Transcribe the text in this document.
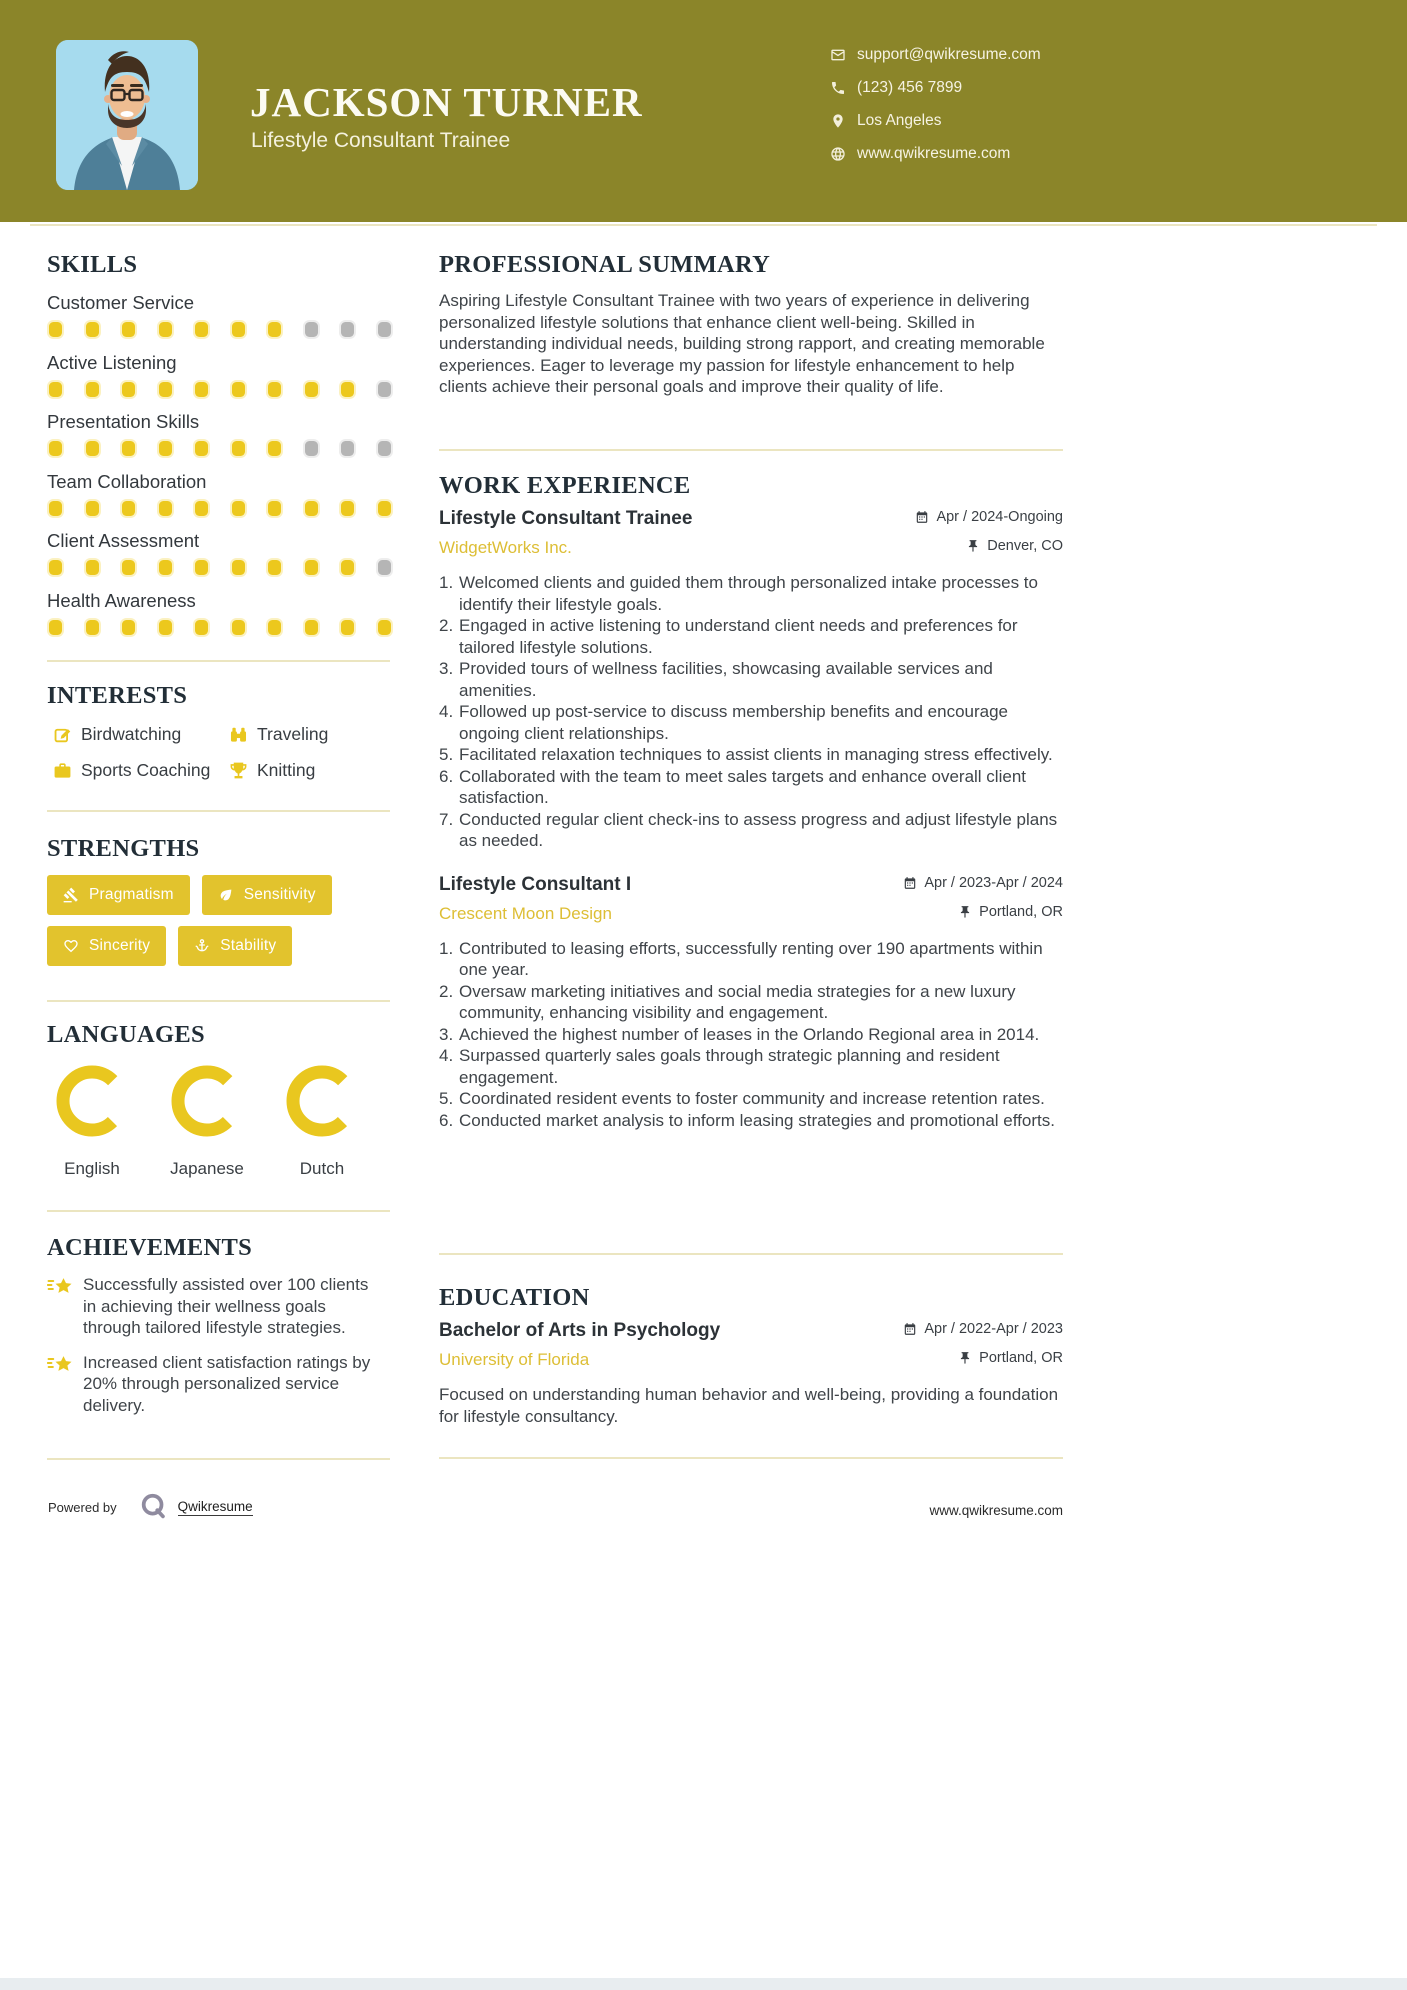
JACKSON TURNER
Lifestyle Consultant Trainee
support@qwikresume.com
(123) 456 7899
Los Angeles
www.qwikresume.com
SKILLS
Customer Service
Active Listening
Presentation Skills
Team Collaboration
Client Assessment
Health Awareness
INTERESTS
Birdwatching	Traveling
Sports Coaching	Knitting
STRENGTHS
Pragmatism	Sensitivity
Sincerity	Stability
LANGUAGES
English	Japanese	Dutch
ACHIEVEMENTS
Successfully assisted over 100 clients in achieving their wellness goals through tailored lifestyle strategies.
Increased client satisfaction ratings by 20% through personalized service delivery.
PROFESSIONAL SUMMARY
Aspiring Lifestyle Consultant Trainee with two years of experience in delivering personalized lifestyle solutions that enhance client well-being. Skilled in understanding individual needs, building strong rapport, and creating memorable experiences. Eager to leverage my passion for lifestyle enhancement to help clients achieve their personal goals and improve their quality of life.
WORK EXPERIENCE
Lifestyle Consultant Trainee	Apr / 2024-Ongoing
WidgetWorks Inc.	Denver, CO
1. Welcomed clients and guided them through personalized intake processes to identify their lifestyle goals.
2. Engaged in active listening to understand client needs and preferences for tailored lifestyle solutions.
3. Provided tours of wellness facilities, showcasing available services and amenities.
4. Followed up post-service to discuss membership benefits and encourage ongoing client relationships.
5. Facilitated relaxation techniques to assist clients in managing stress effectively.
6. Collaborated with the team to meet sales targets and enhance overall client satisfaction.
7. Conducted regular client check-ins to assess progress and adjust lifestyle plans as needed.
Lifestyle Consultant I	Apr / 2023-Apr / 2024
Crescent Moon Design	Portland, OR
1. Contributed to leasing efforts, successfully renting over 190 apartments within one year.
2. Oversaw marketing initiatives and social media strategies for a new luxury community, enhancing visibility and engagement.
3. Achieved the highest number of leases in the Orlando Regional area in 2014.
4. Surpassed quarterly sales goals through strategic planning and resident engagement.
5. Coordinated resident events to foster community and increase retention rates.
6. Conducted market analysis to inform leasing strategies and promotional efforts.
EDUCATION
Bachelor of Arts in Psychology	Apr / 2022-Apr / 2023
University of Florida	Portland, OR
Focused on understanding human behavior and well-being, providing a foundation for lifestyle consultancy.
Powered by	Qwikresume	www.qwikresume.com
